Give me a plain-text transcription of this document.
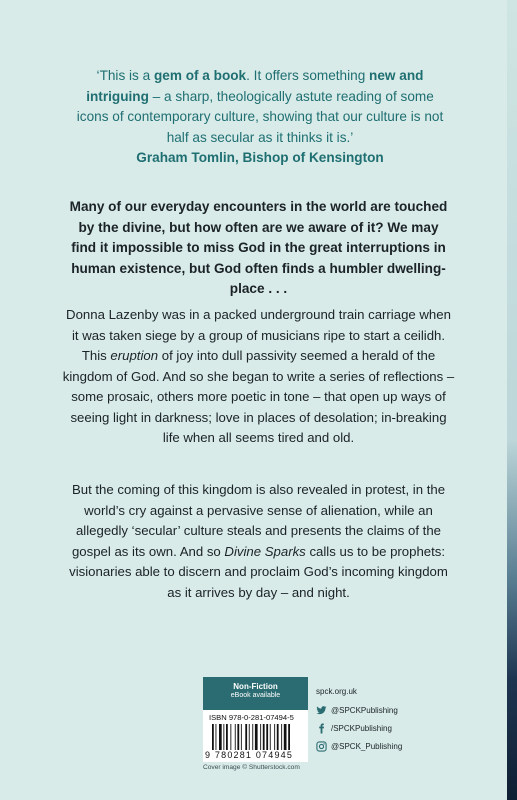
‘This is a gem of a book. It offers something new and intriguing – a sharp, theologically astute reading of some icons of contemporary culture, showing that our culture is not half as secular as it thinks it is.’
Graham Tomlin, Bishop of Kensington
Many of our everyday encounters in the world are touched by the divine, but how often are we aware of it? We may find it impossible to miss God in the great interruptions in human existence, but God often finds a humbler dwelling-place . . .
Donna Lazenby was in a packed underground train carriage when it was taken siege by a group of musicians ripe to start a ceilidh. This eruption of joy into dull passivity seemed a herald of the kingdom of God. And so she began to write a series of reflections – some prosaic, others more poetic in tone – that open up ways of seeing light in darkness; love in places of desolation; in-breaking life when all seems tired and old.
But the coming of this kingdom is also revealed in protest, in the world’s cry against a pervasive sense of alienation, while an allegedly ‘secular’ culture steals and presents the claims of the gospel as its own. And so Divine Sparks calls us to be prophets: visionaries able to discern and proclaim God’s incoming kingdom as it arrives by day – and night.
Non-Fiction
eBook available
ISBN 978-0-281-07494-5
9 780281 074945
Cover image © Shutterstock.com
spck.org.uk
@SPCKPublishing
/SPCKPublishing
@SPCK_Publishing
